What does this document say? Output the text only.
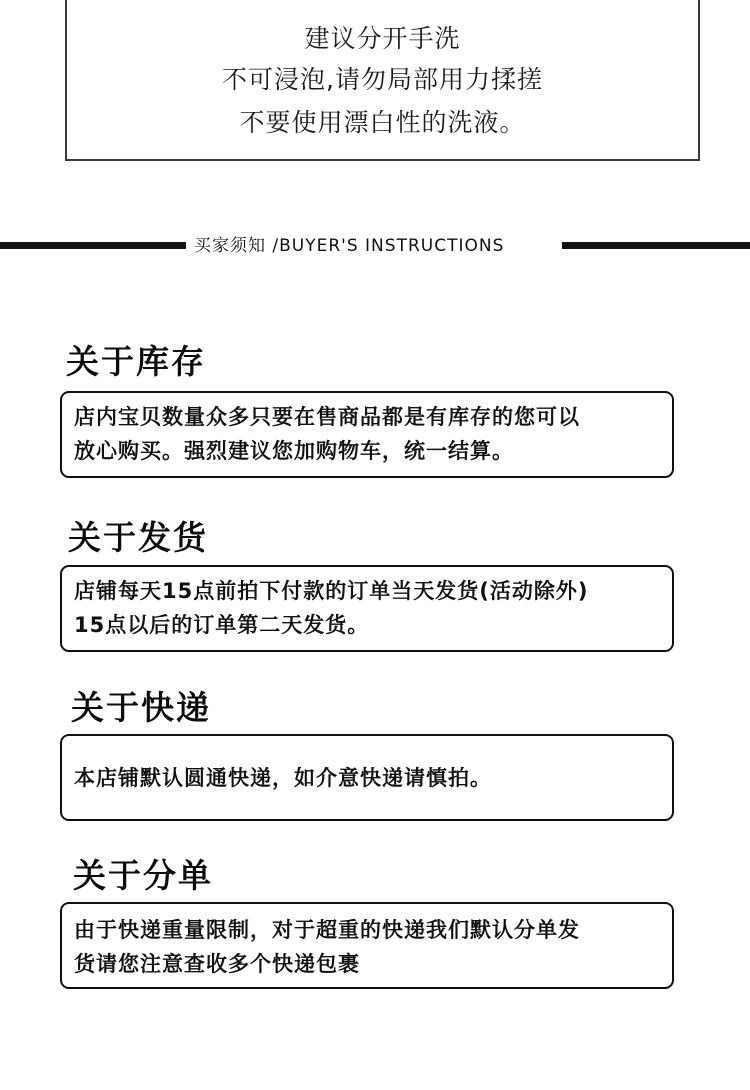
建议分开手洗
不可浸泡,请勿局部用力揉搓
不要使用漂白性的洗液。
买家须知 /BUYER'S INSTRUCTIONS
关于库存
店内宝贝数量众多只要在售商品都是有库存的您可以
放心购买。强烈建议您加购物车，统一结算。
关于发货
店铺每天15点前拍下付款的订单当天发货(活动除外)
15点以后的订单第二天发货。
关于快递
本店铺默认圆通快递，如介意快递请慎拍。
关于分单
由于快递重量限制，对于超重的快递我们默认分单发
货请您注意查收多个快递包裹
